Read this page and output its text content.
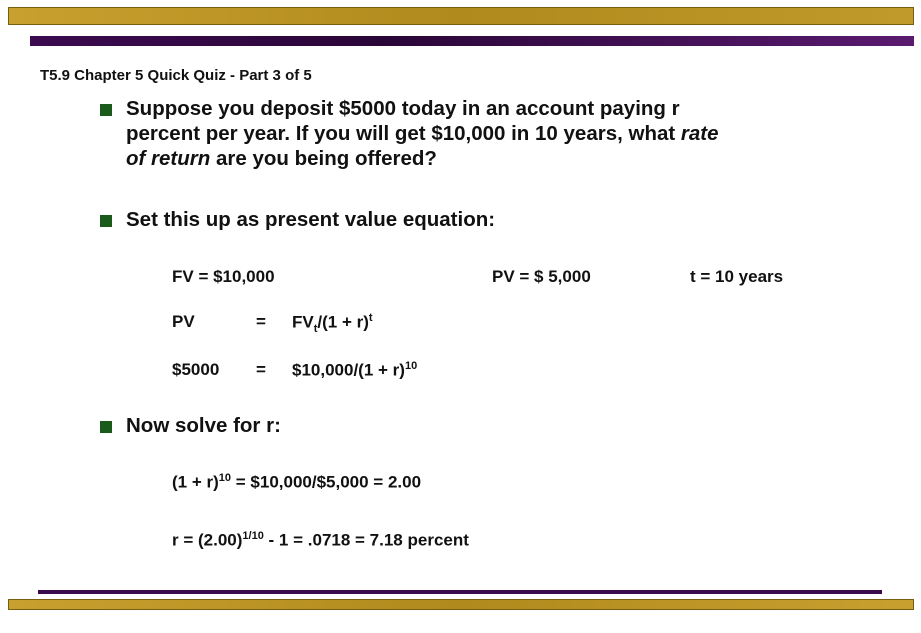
T5.9 Chapter 5 Quick Quiz - Part 3 of 5
Suppose you deposit $5000 today in an account paying r
percent per year. If you will get $10,000 in 10 years, what rate
of return are you being offered?
Set this up as present value equation:
FV = $10,000	PV = $ 5,000	t = 10 years
PV	= $FV_t/(1 + r)^t$
$5000 = $10,000/(1 + r)$^{10}$
Now solve for r:
$(1 + r)^{10}$ = $10,000/$5,000 = 2.00
$r = (2.00)^{1/10} - 1 = .0718 = 7.18$ percent
